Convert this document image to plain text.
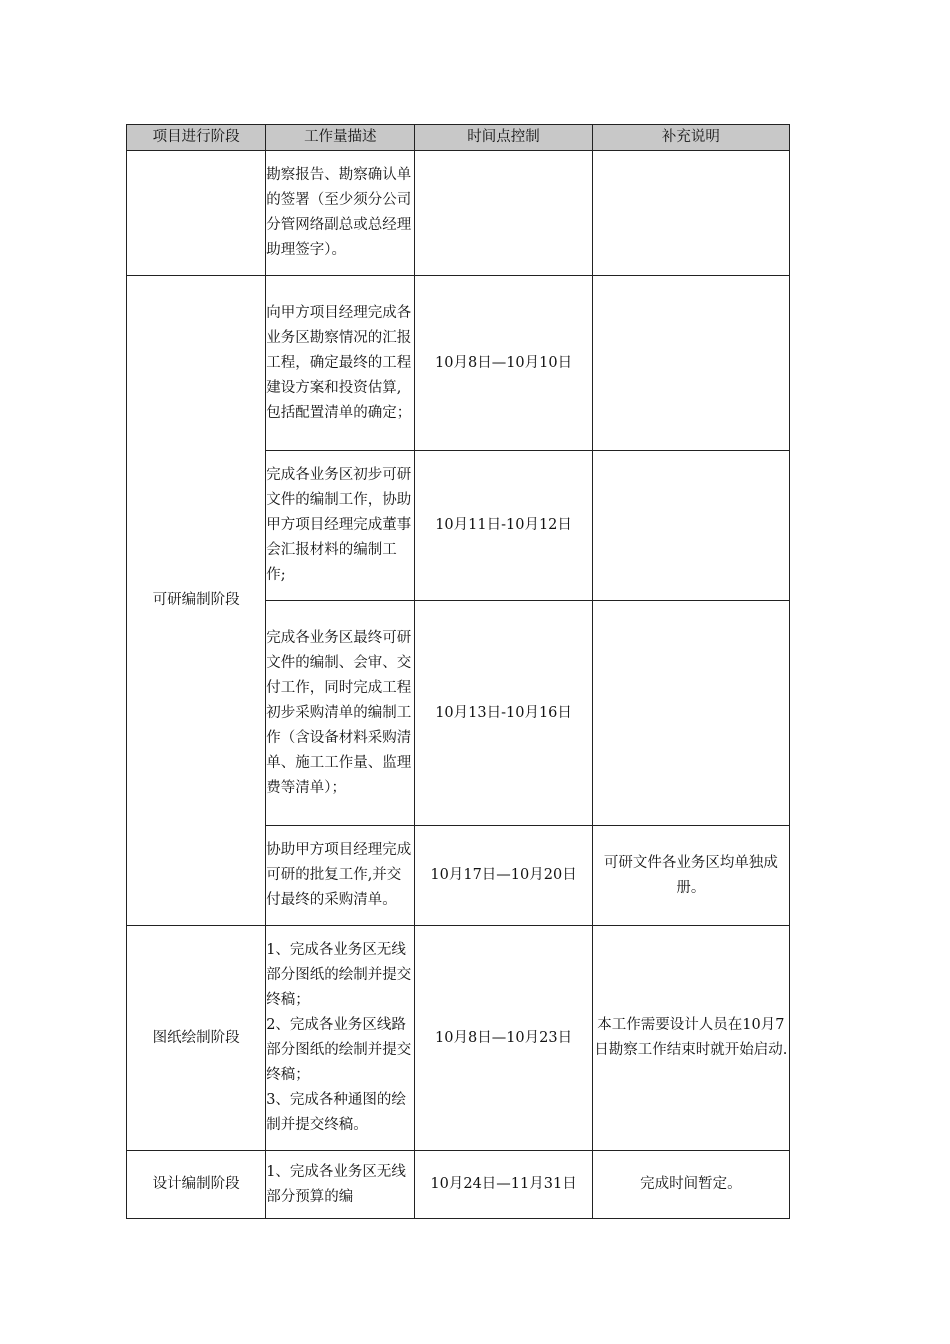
项目进行阶段	工作量描述	时间点控制	补充说明

	勘察报告、勘察确认单的签署（至少须分公司分管网络副总或总经理助理签字）。		

可研编制阶段	向甲方项目经理完成各业务区勘察情况的汇报工程，确定最终的工程建设方案和投资估算,包括配置清单的确定；	10月8日—10月10日	

	完成各业务区初步可研文件的编制工作，协助甲方项目经理完成董事会汇报材料的编制工作;	10月11日-10月12日	

	完成各业务区最终可研文件的编制、会审、交付工作，同时完成工程初步采购清单的编制工作（含设备材料采购清单、施工工作量、监理费等清单）；	10月13日-10月16日	

	协助甲方项目经理完成可研的批复工作,并交付最终的采购清单。	10月17日—10月20日	可研文件各业务区均单独成册。
图纸绘制阶段	1、完成各业务区无线部分图纸的绘制并提交终稿；
2、完成各业务区线路部分图纸的绘制并提交终稿；
3、完成各种通图的绘制并提交终稿。	10月8日—10月23日	本工作需要设计人员在10月7日勘察工作结束时就开始启动.
设计编制阶段	1、完成各业务区无线部分预算的编	10月24日—11月31日	完成时间暂定。
